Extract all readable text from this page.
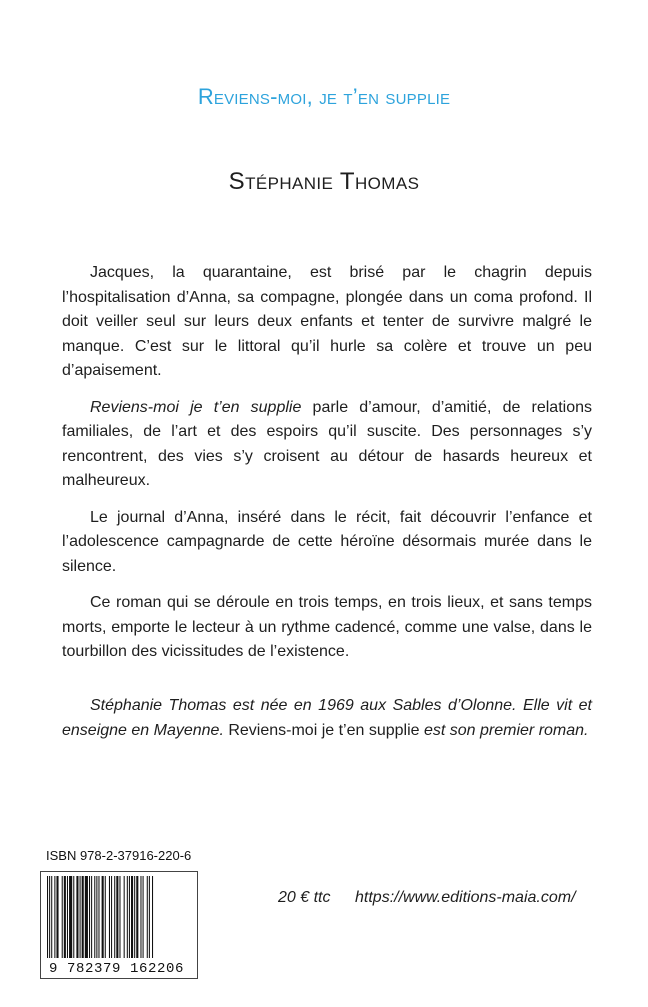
Reviens-moi, je t’en supplie
Stéphanie Thomas

Jacques, la quarantaine, est brisé par le chagrin depuis l’hospitalisation d’Anna, sa compagne, plongée dans un coma profond. Il doit veiller seul sur leurs deux enfants et tenter de survivre malgré le manque. C’est sur le littoral qu’il hurle sa colère et trouve un peu d’apaisement.

Reviens-moi je t’en supplie parle d’amour, d’amitié, de relations familiales, de l’art et des espoirs qu’il suscite. Des personnages s’y rencontrent, des vies s’y croisent au détour de hasards heureux et malheureux.

Le journal d’Anna, inséré dans le récit, fait découvrir l’enfance et l’adolescence campagnarde de cette héroïne désormais murée dans le silence.

Ce roman qui se déroule en trois temps, en trois lieux, et sans temps morts, emporte le lecteur à un rythme cadencé, comme une valse, dans le tourbillon des vicissitudes de l’existence.

Stéphanie Thomas est née en 1969 aux Sables d’Olonne. Elle vit et enseigne en Mayenne. Reviens-moi je t’en supplie est son premier roman.

ISBN 978-2-37916-220-6
9 782379 162206
20 € ttc https://www.editions-maia.com/
